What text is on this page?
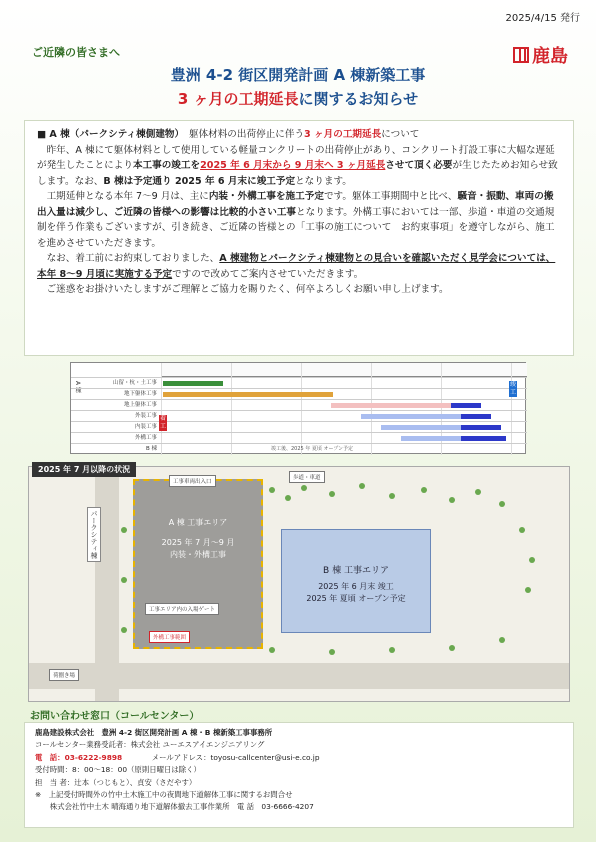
2025/4/15 発行
ご近隣の皆さまへ	鹿島
豊洲 4-2 街区開発計画 A 棟新築工事
3 ヶ月の工期延長に関するお知らせ

■ A 棟（パークシティ棟側建物）　 躯体材料の出荷停止に伴う3 ヶ月の工期延長について

　昨年、A 棟にて躯体材料として使用している軽量コンクリートの出荷停止があり、コンクリート打設工事に大幅な遅延が発生したことにより本工事の竣工を2025 年 6 月末から 9 月末へ 3 ヶ月延長させて頂く必要が生じたためお知らせ致します。なお、B 棟は予定通り 2025 年 6 月末に竣工予定となります。

　工期延伸となる本年 7～9 月は、主に内装・外構工事を施工予定です。躯体工事期間中と比べ、騒音・振動、車両の搬出入量は減少し、ご近隣の皆様への影響は比較的小さい工事となります。外構工事においては一部、歩道・車道の交通規制を伴う作業もございますが、引き続き、ご近隣の皆様との「工事の施工について　お約束事項」を遵守しながら、施工を進めさせていただきます。

　なお、着工前にお約束しておりました、A 棟建物とパークシティ棟建物との見合いを確認いただく見学会については、本年 8～9 月頃に実施する予定ですので改めてご案内させていただきます。

　ご迷惑をお掛けいたしますがご理解とご協力を賜りたく、何卒よろしくお願い申し上げます。

A 棟	山留・杭・土工事
地下躯体工事
地上躯体工事
外装工事
内装工事
外構工事
B 棟	竣工後、2025 年 夏頃 オープン予定
着工
竣工
A 棟 工事エリア
2025 年 7 月～9 月
内装・外構工事
B 棟 工事エリア
2025 年 6 月末 竣工
2025 年 夏頃 オープン予定
パークシティ棟
工事車両出入口
工事エリア内の入場ゲート
外構工事範囲
荷捌き場
歩道・車道
2025 年 7 月以降の状況
お問い合わせ窓口（コールセンター）
鹿島建設株式会社　豊洲 4-2 街区開発計画 A 棟・B 棟新築工事事務所
コールセンター業務受託者：株式会社 ユーエスアイエンジニアリング
電　話：03-6222-9898　　　　	メールアドレス：toyosu-callcenter@usi-e.co.jp
受付時間：8：00～18：00（原則日曜日は除く）
担　当 者：辻本（つじもと）、貞安（さだやす）
※　上記受付時間外の竹中土木施工中の夜間地下道解体工事に関するお問合せ
　　株式会社竹中土木 晴海通り地下道解体撤去工事作業所　電 話　03-6666-4207
